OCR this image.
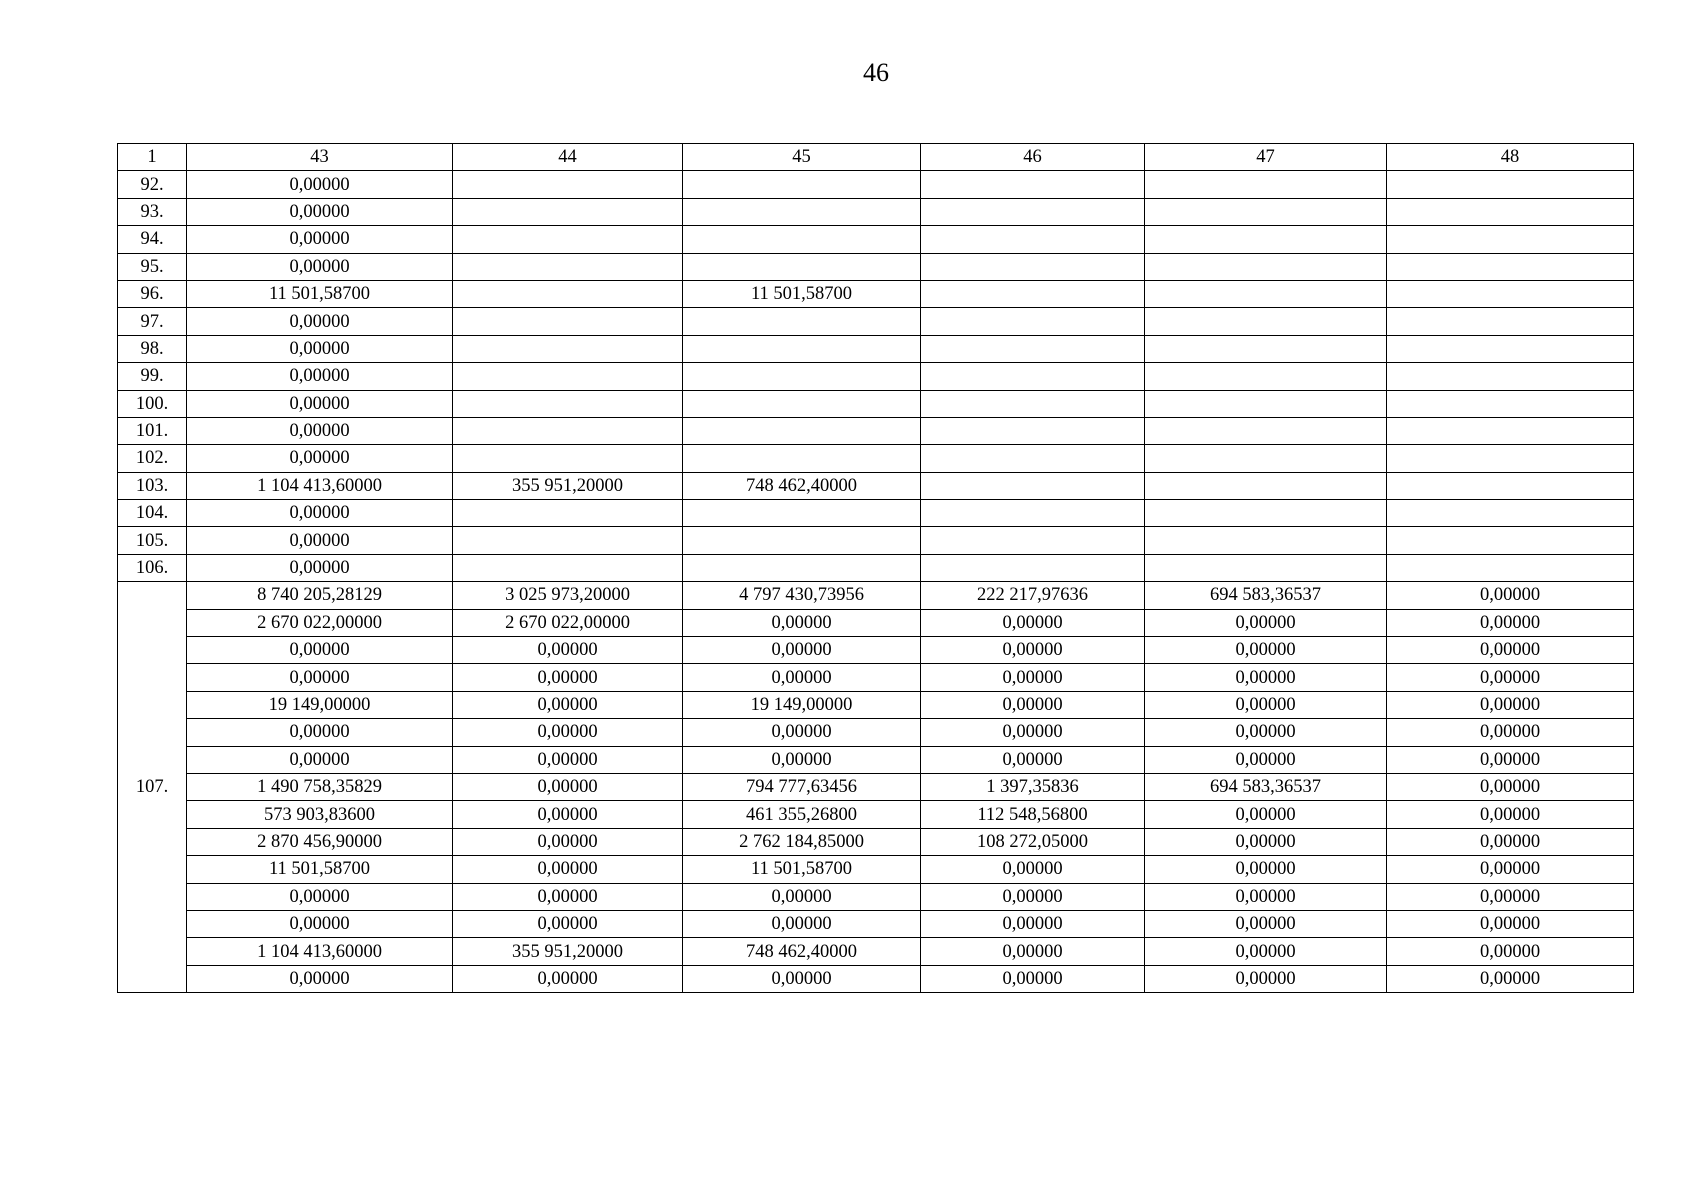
46
1	43	44	45	46	47	48
92.	0,00000					
93.	0,00000					
94.	0,00000					
95.	0,00000					
96.	11 501,58700		11 501,58700			
97.	0,00000					
98.	0,00000					
99.	0,00000					
100.	0,00000					
101.	0,00000					
102.	0,00000					
103.	1 104 413,60000	355 951,20000	748 462,40000			
104.	0,00000					
105.	0,00000					
106.	0,00000					
107.	8 740 205,28129	3 025 973,20000	4 797 430,73956	222 217,97636	694 583,36537	0,00000
	2 670 022,00000	2 670 022,00000	0,00000	0,00000	0,00000	0,00000
	0,00000	0,00000	0,00000	0,00000	0,00000	0,00000
	0,00000	0,00000	0,00000	0,00000	0,00000	0,00000
	19 149,00000	0,00000	19 149,00000	0,00000	0,00000	0,00000
	0,00000	0,00000	0,00000	0,00000	0,00000	0,00000
	0,00000	0,00000	0,00000	0,00000	0,00000	0,00000
	1 490 758,35829	0,00000	794 777,63456	1 397,35836	694 583,36537	0,00000
	573 903,83600	0,00000	461 355,26800	112 548,56800	0,00000	0,00000
	2 870 456,90000	0,00000	2 762 184,85000	108 272,05000	0,00000	0,00000
	11 501,58700	0,00000	11 501,58700	0,00000	0,00000	0,00000
	0,00000	0,00000	0,00000	0,00000	0,00000	0,00000
	0,00000	0,00000	0,00000	0,00000	0,00000	0,00000
	1 104 413,60000	355 951,20000	748 462,40000	0,00000	0,00000	0,00000
	0,00000	0,00000	0,00000	0,00000	0,00000	0,00000
